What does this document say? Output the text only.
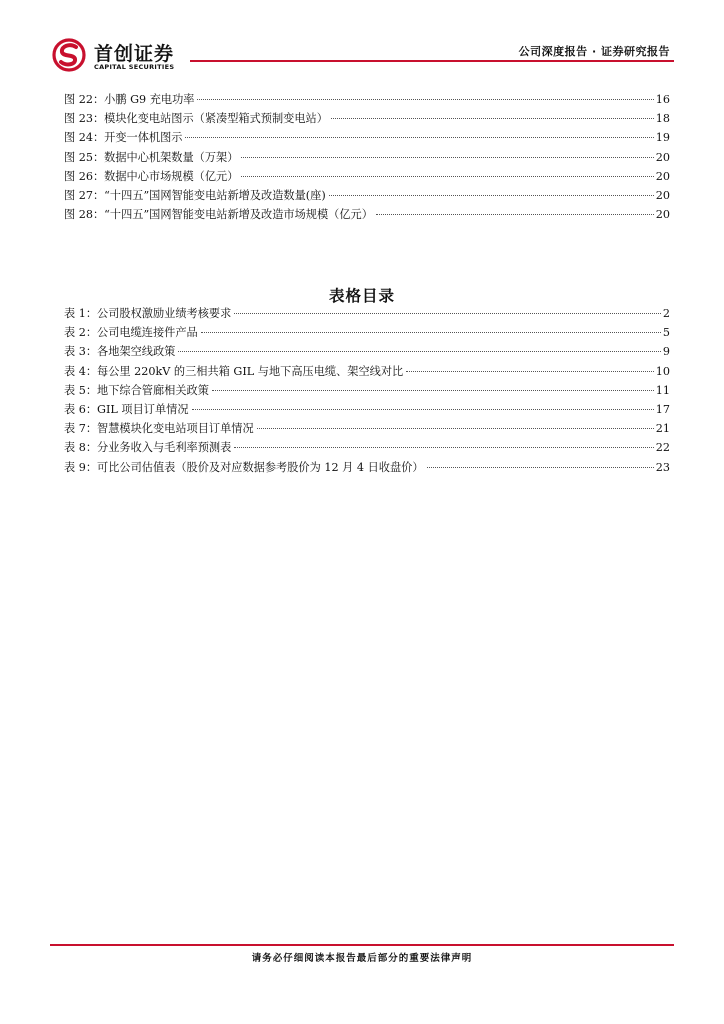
首创证券
CAPITAL SECURITIES
公司深度报告 · 证券研究报告
图 22：小鹏 G9 充电功率	16
图 23：模块化变电站图示（紧凑型箱式预制变电站）	18
图 24：开变一体机图示	19
图 25：数据中心机架数量（万架）	20
图 26：数据中心市场规模（亿元）	20
图 27：“十四五”国网智能变电站新增及改造数量(座)	20
图 28：“十四五”国网智能变电站新增及改造市场规模（亿元）	20
表格目录
表 1：公司股权激励业绩考核要求	2
表 2：公司电缆连接件产品	5
表 3：各地架空线政策	9
表 4：每公里 220kV 的三相共箱 GIL 与地下高压电缆、架空线对比	10
表 5：地下综合管廊相关政策	11
表 6：GIL 项目订单情况	17
表 7：智慧模块化变电站项目订单情况	21
表 8：分业务收入与毛利率预测表	22
表 9：可比公司估值表（股价及对应数据参考股价为 12 月 4 日收盘价）	23
请务必仔细阅读本报告最后部分的重要法律声明
